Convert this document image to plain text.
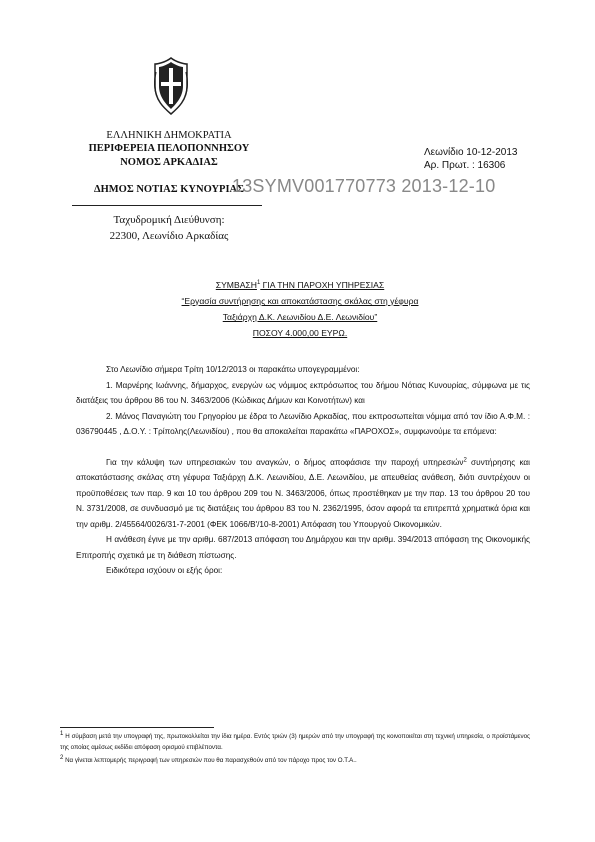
ΕΛΛΗΝΙΚΗ ΔΗΜΟΚΡΑΤΙΑ
ΠΕΡΙΦΕΡΕΙΑ ΠΕΛΟΠΟΝΝΗΣΟΥ
ΝΟΜΟΣ ΑΡΚΑΔΙΑΣ
ΔΗΜΟΣ ΝΟΤΙΑΣ ΚΥΝΟΥΡΙΑΣ
Λεωνίδιο 10-12-2013
Αρ. Πρωτ. : 16306
13SYMV001770773 2013-12-10
Ταχυδρομική Διεύθυνση:
22300, Λεωνίδιο Αρκαδίας
ΣΥΜΒΑΣΗ$^1$ ΓΙΑ ΤΗΝ ΠΑΡΟΧΗ ΥΠΗΡΕΣΙΑΣ
“Εργασία συντήρησης και αποκατάστασης σκάλας στη γέφυρα
Ταξιάρχη Δ.Κ. Λεωνιδίου Δ.Ε. Λεωνιδίου”
ΠΟΣΟΥ 4.000,00 ΕΥΡΩ.

Στο Λεωνίδιο σήμερα Τρίτη 10/12/2013 οι παρακάτω υπογεγραμμένοι:

1. Μαρνέρης Ιωάννης, δήμαρχος, ενεργών ως νόμιμος εκπρόσωπος του δήμου Νότιας Κυνουρίας, σύμφωνα με τις διατάξεις του άρθρου 86 του Ν. 3463/2006 (Κώδικας Δήμων και Κοινοτήτων) και

2. Μάνος Παναγιώτη του Γρηγορίου με έδρα το Λεωνίδιο Αρκαδίας, που εκπροσωπείται νόμιμα από τον ίδιο Α.Φ.Μ. : 036790445 , Δ.Ο.Υ. : Τρίπολης(Λεωνιδίου) , που θα αποκαλείται παρακάτω «ΠΑΡΟΧΟΣ», συμφωνούμε τα επόμενα:

Για την κάλυψη των υπηρεσιακών του αναγκών, ο δήμος αποφάσισε την παροχή υπηρεσιών$^2$ συντήρησης και αποκατάστασης σκάλας στη γέφυρα Ταξιάρχη Δ.Κ. Λεωνιδίου, Δ.Ε. Λεωνιδίου, με απευθείας ανάθεση, διότι συντρέχουν οι προϋποθέσεις των παρ. 9 και 10 του άρθρου 209 του Ν. 3463/2006, όπως προστέθηκαν με την παρ. 13 του άρθρου 20 του Ν. 3731/2008, σε συνδυασμό με τις διατάξεις του άρθρου 83 του Ν. 2362/1995, όσον αφορά τα επιτρεπτά χρηματικά όρια και την αριθμ. 2/45564/0026/31-7-2001 (ΦΕΚ 1066/Β'/10-8-2001) Απόφαση του Υπουργού Οικονομικών.

Η ανάθεση έγινε με την αριθμ. 687/2013 απόφαση του Δημάρχου και την αριθμ. 394/2013 απόφαση της Οικονομικής Επιτροπής σχετικά με τη διάθεση πίστωσης.

Ειδικότερα ισχύουν οι εξής όροι:

$^1$ Η σύμβαση μετά την υπογραφή της, πρωτοκολλείται την ίδια ημέρα. Εντός τριών (3) ημερών από την υπογραφή της κοινοποιείται στη τεχνική υπηρεσία, ο προϊστάμενος της οποίας αμέσως εκδίδει απόφαση ορισμού επιβλέποντα.
$^2$ Να γίνεται λεπτομερής περιγραφή των υπηρεσιών που θα παρασχεθούν από τον πάροχο προς τον Ο.Τ.Α..
